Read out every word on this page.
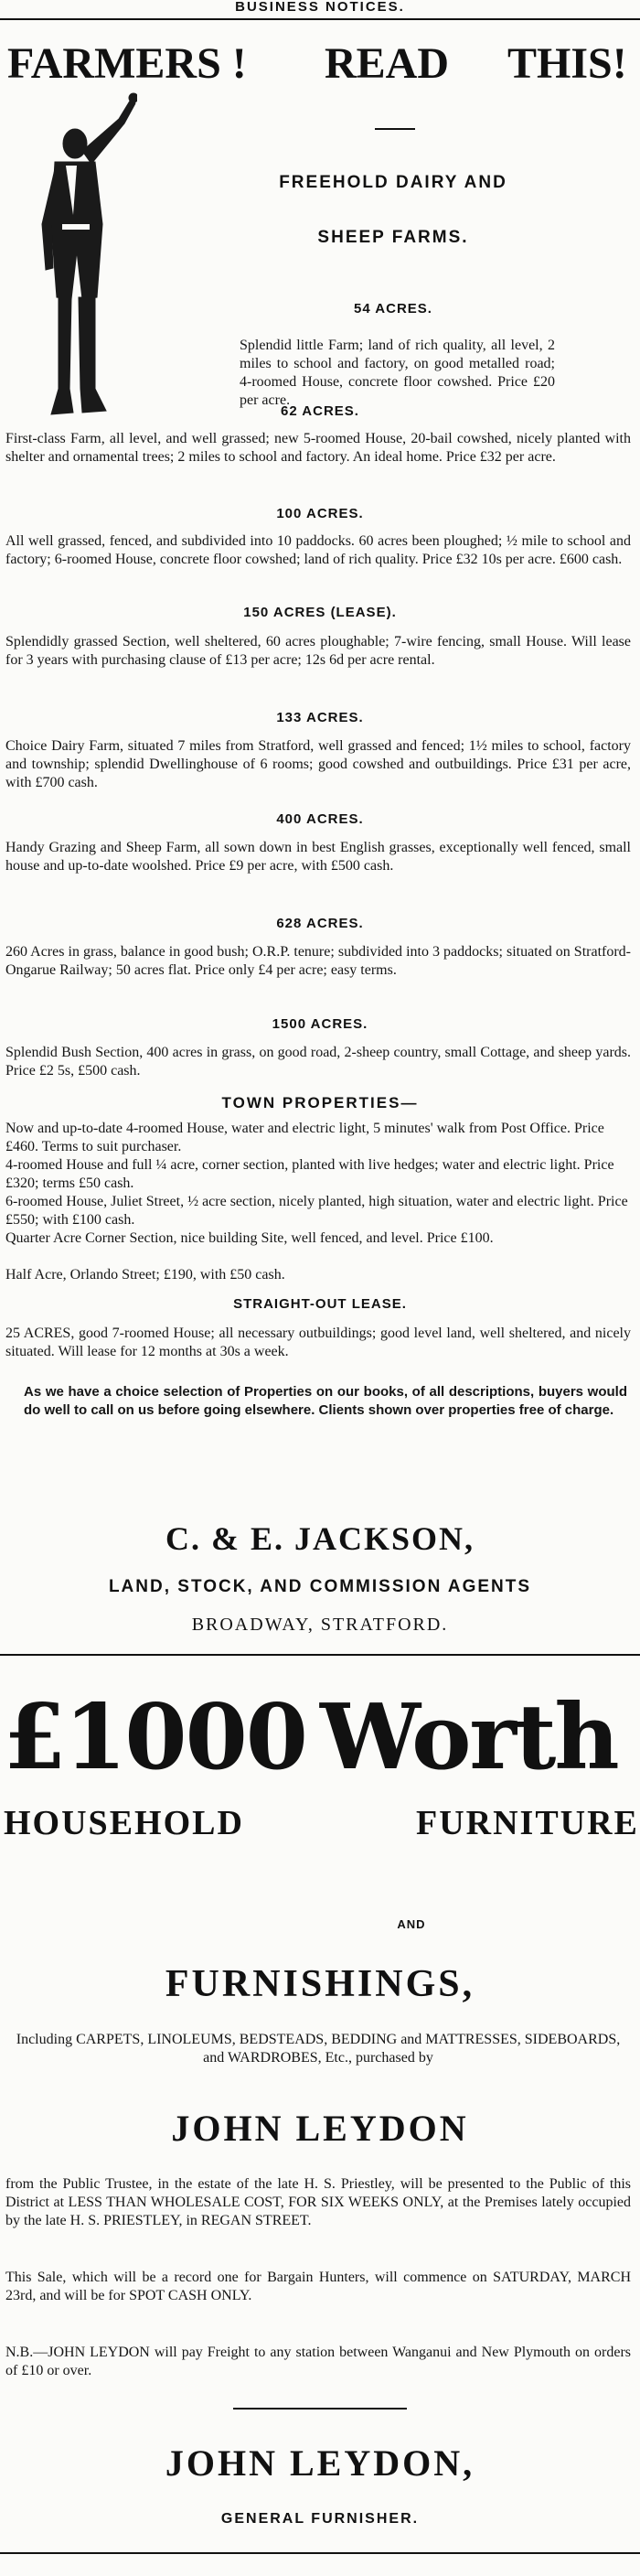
BUSINESS NOTICES.
FARMERS ! READ THIS!
FREEHOLD DAIRY AND
SHEEP FARMS.
54 ACRES.

Splendid little Farm; land of rich quality, all level, 2 miles to school and factory, on good metalled road; 4-roomed House, concrete floor cowshed. Price £20 per acre.

62 ACRES.

First-class Farm, all level, and well grassed; new 5-roomed House, 20-bail cowshed, nicely planted with shelter and ornamental trees; 2 miles to school and factory. An ideal home. Price £32 per acre.

100 ACRES.

All well grassed, fenced, and subdivided into 10 paddocks. 60 acres been ploughed; ½ mile to school and factory; 6-roomed House, concrete floor cowshed; land of rich quality. Price £32 10s per acre. £600 cash.

150 ACRES (LEASE).

Splendidly grassed Section, well sheltered, 60 acres ploughable; 7-wire fencing, small House. Will lease for 3 years with purchasing clause of £13 per acre; 12s 6d per acre rental.

133 ACRES.

Choice Dairy Farm, situated 7 miles from Stratford, well grassed and fenced; 1½ miles to school, factory and township; splendid Dwellinghouse of 6 rooms; good cowshed and outbuildings. Price £31 per acre, with £700 cash.

400 ACRES.

Handy Grazing and Sheep Farm, all sown down in best English grasses, exceptionally well fenced, small house and up-to-date woolshed. Price £9 per acre, with £500 cash.

628 ACRES.

260 Acres in grass, balance in good bush; O.R.P. tenure; subdivided into 3 paddocks; situated on Stratford-Ongarue Railway; 50 acres flat. Price only £4 per acre; easy terms.

1500 ACRES.

Splendid Bush Section, 400 acres in grass, on good road, 2-sheep country, small Cottage, and sheep yards. Price £2 5s, £500 cash.

TOWN PROPERTIES—

Now and up-to-date 4-roomed House, water and electric light, 5 minutes' walk from Post Office. Price £460. Terms to suit purchaser.

4-roomed House and full ¼ acre, corner section, planted with live hedges; water and electric light. Price £320; terms £50 cash.

6-roomed House, Juliet Street, ½ acre section, nicely planted, high situation, water and electric light. Price £550; with £100 cash.

Quarter Acre Corner Section, nice building Site, well fenced, and level. Price £100.

Half Acre, Orlando Street; £190, with £50 cash.

STRAIGHT-OUT LEASE.

25 ACRES, good 7-roomed House; all necessary outbuildings; good level land, well sheltered, and nicely situated. Will lease for 12 months at 30s a week.

As we have a choice selection of Properties on our books, of all descriptions, buyers would do well to call on us before going elsewhere. Clients shown over properties free of charge.

C. & E. JACKSON,
LAND, STOCK, AND COMMISSION AGENTS
BROADWAY, STRATFORD.
£1000 Worth
HOUSEHOLD	FURNITURE
AND
FURNISHINGS,

Including CARPETS, LINOLEUMS, BEDSTEADS, BEDDING and MATTRESSES, SIDEBOARDS, and WARDROBES, Etc., purchased by

JOHN LEYDON

from the Public Trustee, in the estate of the late H. S. Priestley, will be presented to the Public of this District at LESS THAN WHOLESALE COST, FOR SIX WEEKS ONLY, at the Premises lately occupied by the late H. S. PRIESTLEY, in REGAN STREET.

This Sale, which will be a record one for Bargain Hunters, will commence on SATURDAY, MARCH 23rd, and will be for SPOT CASH ONLY.

N.B.—JOHN LEYDON will pay Freight to any station between Wanganui and New Plymouth on orders of £10 or over.

JOHN LEYDON,
GENERAL FURNISHER.
